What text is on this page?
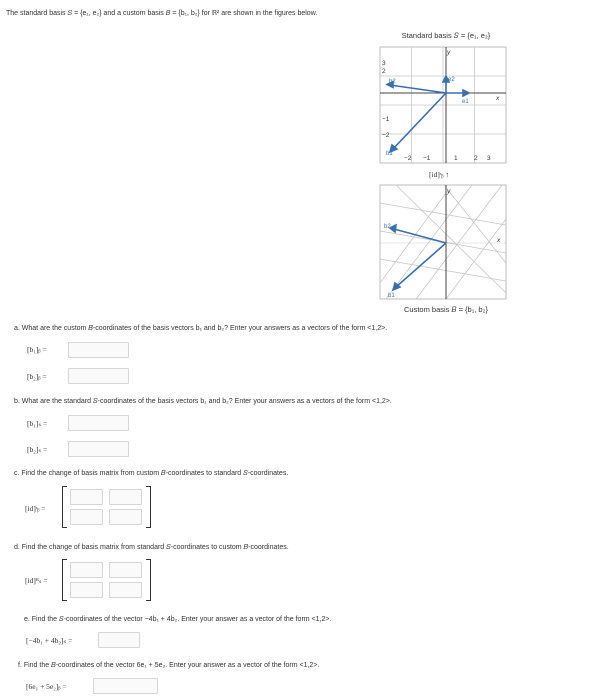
The standard basis 𝑆 = {e₁, e₂} and a custom basis 𝐵 = {b₁, b₂} for ℝ² are shown in the figures below.
Standard basis 𝑆 = {e₁, e₂}
3
2
−1
−2
−2 −1	1	2 3
y
x
e1
e2
b2
b1
[id]ˢᵦ ↑
y
x
b2
b1
Custom basis 𝐵 = {b₁, b₂}
a. What are the custom 𝐵-coordinates of the basis vectors b₁ and b₂? Enter your answers as a vectors of the form <1,2>.
[b₁]ᵦ =
[b₂]ᵦ =
b. What are the standard 𝑆-coordinates of the basis vectors b₁ and b₂? Enter your answers as a vectors of the form <1,2>.
[b₁]ₛ =
[b₂]ₛ =
c. Find the change of basis matrix from custom 𝐵-coordinates to standard 𝑆-coordinates.
[id]ˢᵦ =
d. Find the change of basis matrix from standard 𝑆-coordinates to custom 𝐵-coordinates.
[id]ᴮₛ =
e. Find the 𝑆-coordinates of the vector −4b₁ + 4b₂. Enter your answer as a vector of the form <1,2>.
[−4b₁ + 4b₂]ₛ =
f. Find the 𝐵-coordinates of the vector 6e₁ + 5e₂. Enter your answer as a vector of the form <1,2>.
[6e₁ + 5e₂]ᵦ =
